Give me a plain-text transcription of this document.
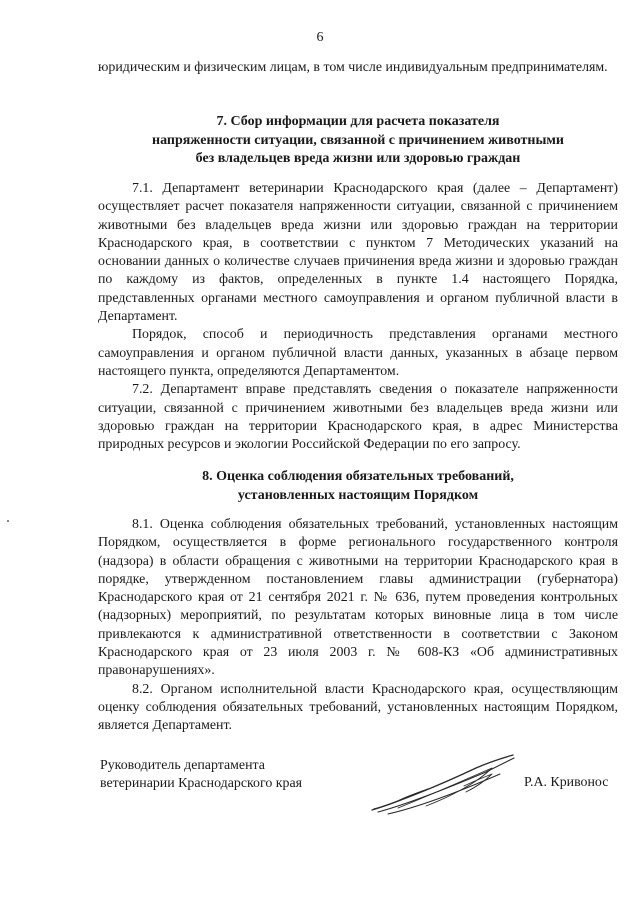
6

юридическим и физическим лицам, в том числе индивидуальным предпринимателям.

7. Сбор информации для расчета показателя
напряженности ситуации, связанной с причинением животными
без владельцев вреда жизни или здоровью граждан

7.1. Департамент ветеринарии Краснодарского края (далее – Департамент) осуществляет расчет показателя напряженности ситуации, связанной с причинением животными без владельцев вреда жизни или здоровью граждан на территории Краснодарского края, в соответствии с пунктом 7 Методических указаний на основании данных о количестве случаев причинения вреда жизни и здоровью граждан по каждому из фактов, определенных в пункте 1.4 настоящего Порядка, представленных органами местного самоуправления и органом публичной власти в Департамент.

Порядок, способ и периодичность представления органами местного самоуправления и органом публичной власти данных, указанных в абзаце первом настоящего пункта, определяются Департаментом.

7.2. Департамент вправе представлять сведения о показателе напряженности ситуации, связанной с причинением животными без владельцев вреда жизни или здоровью граждан на территории Краснодарского края, в адрес Министерства природных ресурсов и экологии Российской Федерации по его запросу.

8. Оценка соблюдения обязательных требований,
установленных настоящим Порядком

8.1. Оценка соблюдения обязательных требований, установленных настоящим Порядком, осуществляется в форме регионального государственного контроля (надзора) в области обращения с животными на территории Краснодарского края в порядке, утвержденном постановлением главы администрации (губернатора) Краснодарского края от 21 сентября 2021 г. № 636, путем проведения контрольных (надзорных) мероприятий, по результатам которых виновные лица в том числе привлекаются к административной ответственности в соответствии с Законом Краснодарского края от 23 июля 2003 г. № 608-КЗ «Об административных правонарушениях».

8.2. Органом исполнительной власти Краснодарского края, осуществляющим оценку соблюдения обязательных требований, установленных настоящим Порядком, является Департамент.

Руководитель департамента
ветеринарии Краснодарского края	Р.А. Кривонос
